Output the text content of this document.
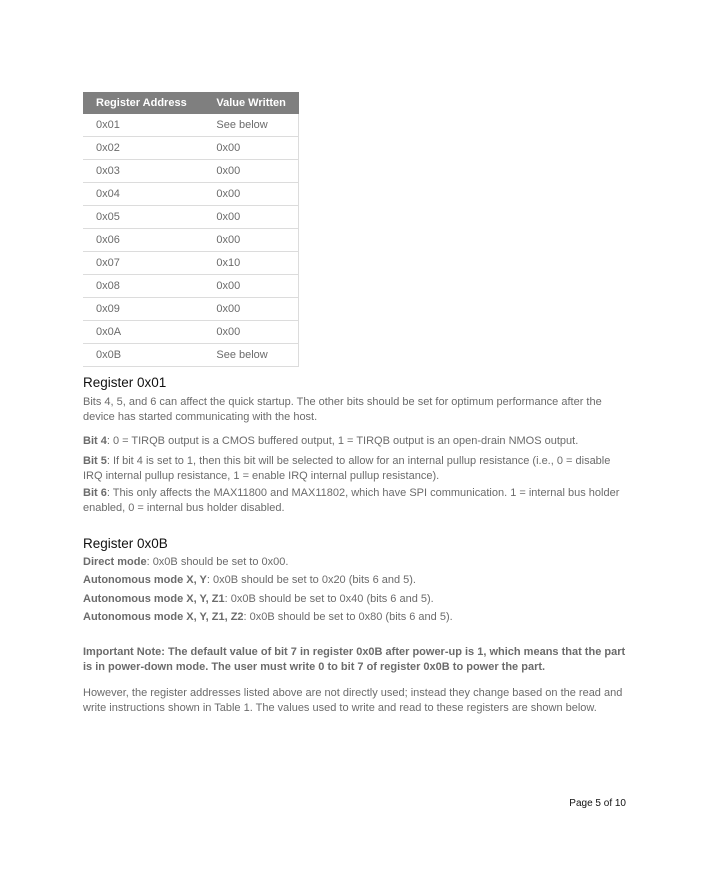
Register Address	Value Written
0x01	See below
0x02	0x00
0x03	0x00
0x04	0x00
0x05	0x00
0x06	0x00
0x07	0x10
0x08	0x00
0x09	0x00
0x0A	0x00
0x0B	See below
Register 0x01
Bits 4, 5, and 6 can affect the quick startup. The other bits should be set for optimum performance after the device has started communicating with the host.
Bit 4: 0 = TIRQB output is a CMOS buffered output, 1 = TIRQB output is an open-drain NMOS output.
Bit 5: If bit 4 is set to 1, then this bit will be selected to allow for an internal pullup resistance (i.e., 0 = disable IRQ internal pullup resistance, 1 = enable IRQ internal pullup resistance).
Bit 6: This only affects the MAX11800 and MAX11802, which have SPI communication. 1 = internal bus holder enabled, 0 = internal bus holder disabled.
Register 0x0B
Direct mode: 0x0B should be set to 0x00.
Autonomous mode X, Y: 0x0B should be set to 0x20 (bits 6 and 5).
Autonomous mode X, Y, Z1: 0x0B should be set to 0x40 (bits 6 and 5).
Autonomous mode X, Y, Z1, Z2: 0x0B should be set to 0x80 (bits 6 and 5).
Important Note: The default value of bit 7 in register 0x0B after power-up is 1, which means that the part is in power-down mode. The user must write 0 to bit 7 of register 0x0B to power the part.
However, the register addresses listed above are not directly used; instead they change based on the read and write instructions shown in Table 1. The values used to write and read to these registers are shown below.
Page 5 of 10
